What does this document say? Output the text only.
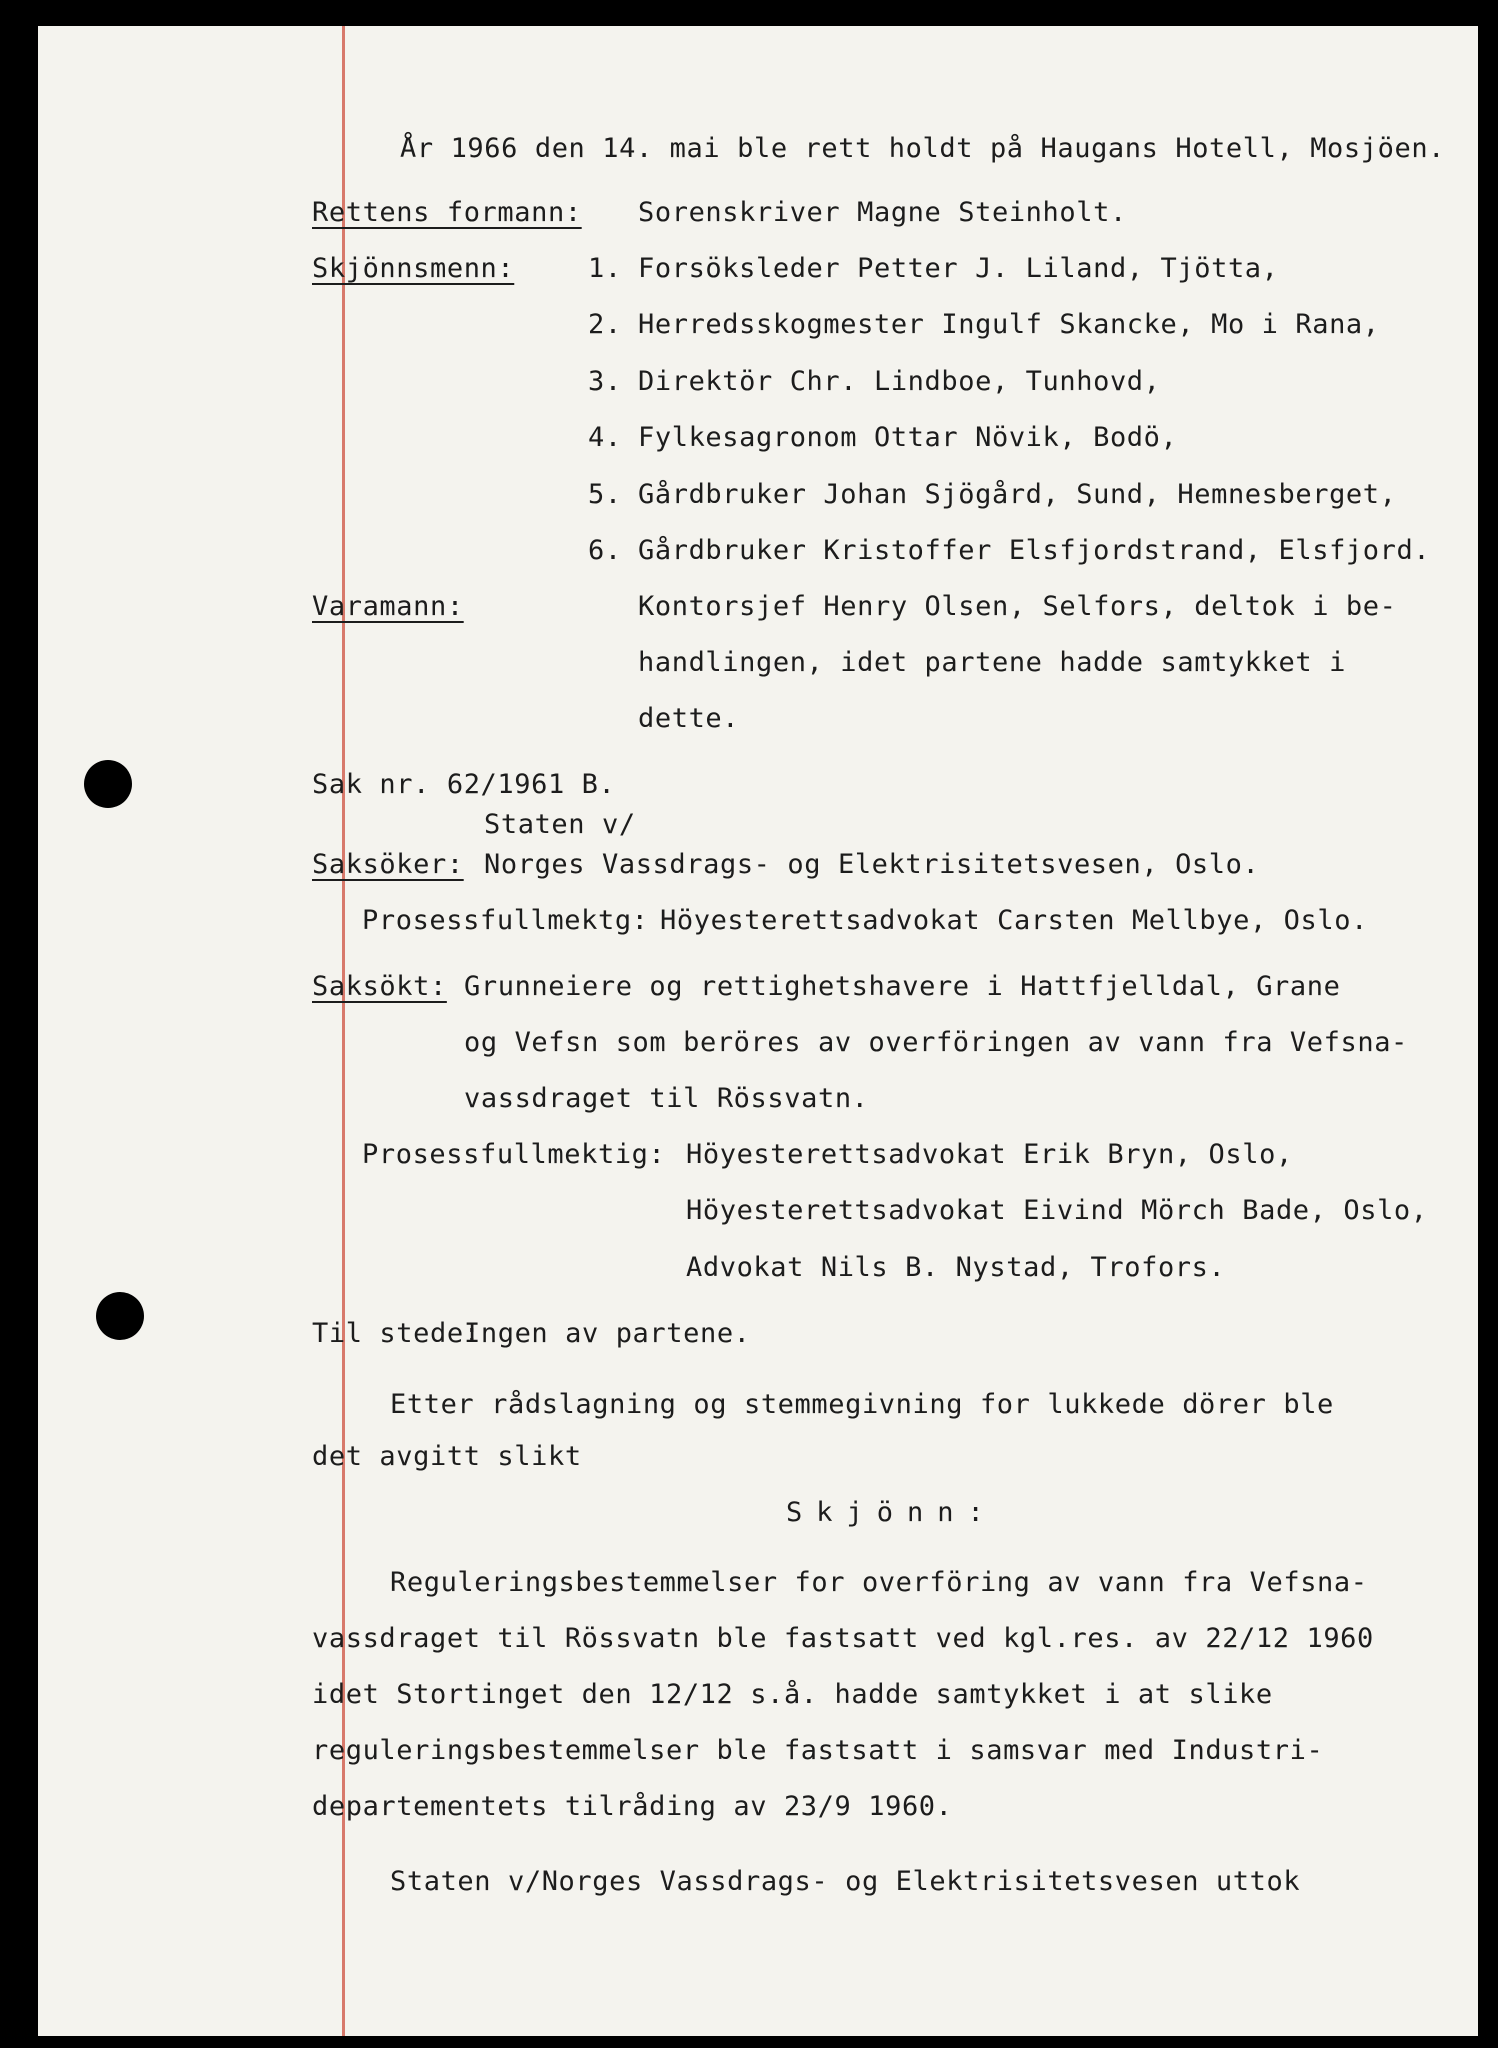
År 1966 den 14. mai ble rett holdt på Haugans Hotell, Mosjöen.
Rettens formann: Sorenskriver Magne Steinholt.
Skjönnsmenn:	1. Forsöksleder Petter J. Liland, Tjötta,
2. Herredsskogmester Ingulf Skancke, Mo i Rana,
3. Direktör Chr. Lindboe, Tunhovd,
4. Fylkesagronom Ottar Növik, Bodö,
5. Gårdbruker Johan Sjögård, Sund, Hemnesberget,
6. Gårdbruker Kristoffer Elsfjordstrand, Elsfjord.
Varamann:	Kontorsjef Henry Olsen, Selfors, deltok i be-
handlingen, idet partene hadde samtykket i
dette.
Sak nr. 62/1961 B.
Staten v/
Saksöker: Norges Vassdrags- og Elektrisitetsvesen, Oslo.
Prosessfullmektg: Höyesterettsadvokat Carsten Mellbye, Oslo.
Saksökt: Grunneiere og rettighetshavere i Hattfjelldal, Grane
og Vefsn som beröres av overföringen av vann fra Vefsna-
vassdraget til Rössvatn.
Prosessfullmektig: Höyesterettsadvokat Erik Bryn, Oslo,
Höyesterettsadvokat Eivind Mörch Bade, Oslo,
Advokat Nils B. Nystad, Trofors.
Til stede:
Ingen av partene.
Etter rådslagning og stemmegivning for lukkede dörer ble
det avgitt slikt
Skjönn:
Reguleringsbestemmelser for overföring av vann fra Vefsna-
vassdraget til Rössvatn ble fastsatt ved kgl.res. av 22/12 1960
idet Stortinget den 12/12 s.å. hadde samtykket i at slike
reguleringsbestemmelser ble fastsatt i samsvar med Industri-
departementets tilråding av 23/9 1960.
Staten v/Norges Vassdrags- og Elektrisitetsvesen uttok
